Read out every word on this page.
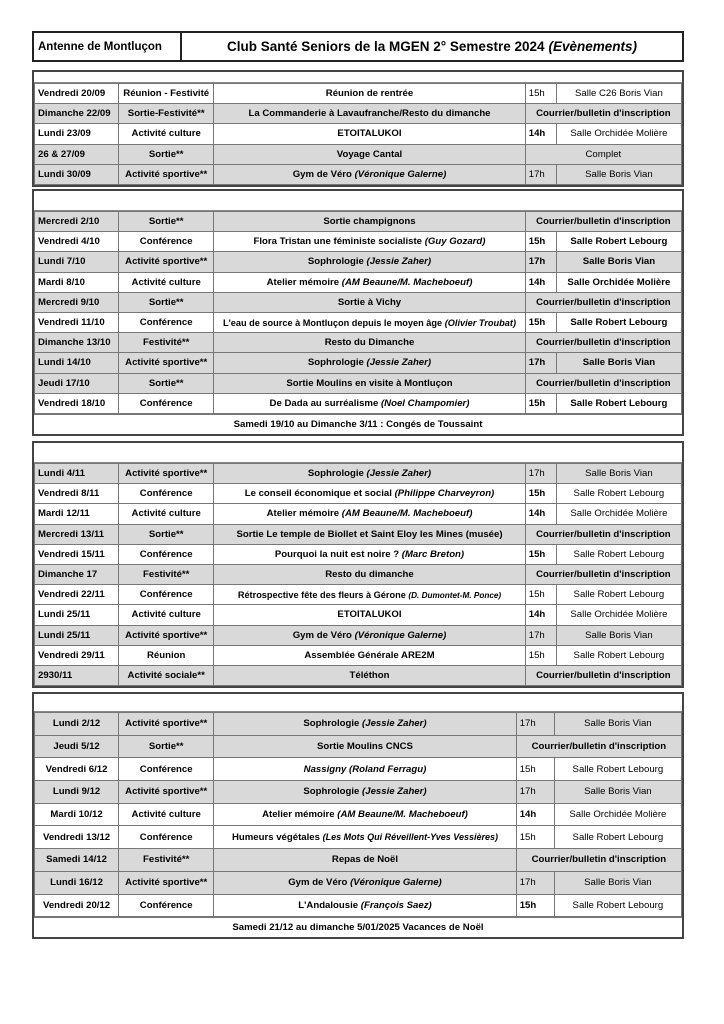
Antenne de Montluçon	Club Santé Seniors de la MGEN 2° Semestre 2024 (Evènements)
Vendredi 20/09	Réunion - Festivité	Réunion de rentrée	15h	Salle C26 Boris Vian
Dimanche 22/09	Sortie-Festivité**	La Commanderie à Lavaufranche/Resto du dimanche	Courrier/bulletin d'inscription	
Lundi 23/09	Activité culture	ETOITALUKOI	14h	Salle Orchidée Molière
26 & 27/09	Sortie**	Voyage Cantal	Complet	
Lundi 30/09	Activité sportive**	Gym de Véro (Véronique Galerne)	17h	Salle Boris Vian
Mercredi 2/10	Sortie**	Sortie champignons	Courrier/bulletin d'inscription	
Vendredi 4/10	Conférence	Flora Tristan une féministe socialiste (Guy Gozard)	15h	Salle Robert Lebourg
Lundi 7/10	Activité sportive**	Sophrologie (Jessie Zaher)	17h	Salle Boris Vian
Mardi 8/10	Activité culture	Atelier mémoire (AM Beaune/M. Macheboeuf)	14h	Salle Orchidée Molière
Mercredi 9/10	Sortie**	Sortie à Vichy	Courrier/bulletin d'inscription	
Vendredi 11/10	Conférence	L'eau de source à Montluçon depuis le moyen âge (Olivier Troubat)	15h	Salle Robert Lebourg
Dimanche 13/10	Festivité**	Resto du Dimanche	Courrier/bulletin d'inscription	
Lundi 14/10	Activité sportive**	Sophrologie (Jessie Zaher)	17h	Salle Boris Vian
Jeudi 17/10	Sortie**	Sortie Moulins en visite à Montluçon	Courrier/bulletin d'inscription	
Vendredi 18/10	Conférence	De Dada au surréalisme (Noel Champomier)	15h	Salle Robert Lebourg
Samedi 19/10 au Dimanche 3/11 : Congés de Toussaint
Lundi 4/11	Activité sportive**	Sophrologie (Jessie Zaher)	17h	Salle Boris Vian
Vendredi 8/11	Conférence	Le conseil économique et social (Philippe Charveyron)	15h	Salle Robert Lebourg
Mardi 12/11	Activité culture	Atelier mémoire (AM Beaune/M. Macheboeuf)	14h	Salle Orchidée Molière
Mercredi 13/11	Sortie**	Sortie Le temple de Biollet et Saint Eloy les Mines (musée)	Courrier/bulletin d'inscription	
Vendredi 15/11	Conférence	Pourquoi la nuit est noire ? (Marc Breton)	15h	Salle Robert Lebourg
Dimanche 17	Festivité**	Resto du dimanche	Courrier/bulletin d'inscription	
Vendredi 22/11	Conférence	Rétrospective fête des fleurs à Gérone (D. Dumontet-M. Ponce)	15h	Salle Robert Lebourg
Lundi 25/11	Activité culture	ETOITALUKOI	14h	Salle Orchidée Molière
Lundi 25/11	Activité sportive**	Gym de Véro (Véronique Galerne)	17h	Salle Boris Vian
Vendredi 29/11	Réunion	Assemblée Générale ARE2M	15h	Salle Robert Lebourg
2930/11	Activité sociale**	Téléthon	Courrier/bulletin d'inscription	
Lundi 2/12	Activité sportive**	Sophrologie (Jessie Zaher)	17h	Salle Boris Vian
Jeudi 5/12	Sortie**	Sortie Moulins CNCS	Courrier/bulletin d'inscription	
Vendredi 6/12	Conférence	Nassigny (Roland Ferragu)	15h	Salle Robert Lebourg
Lundi 9/12	Activité sportive**	Sophrologie (Jessie Zaher)	17h	Salle Boris Vian
Mardi 10/12	Activité culture	Atelier mémoire (AM Beaune/M. Macheboeuf)	14h	Salle Orchidée Molière
Vendredi 13/12	Conférence	Humeurs végétales (Les Mots Qui Réveillent-Yves Vessières)	15h	Salle Robert Lebourg
Samedi 14/12	Festivité**	Repas de Noël	Courrier/bulletin d'inscription	
Lundi 16/12	Activité sportive**	Gym de Véro (Véronique Galerne)	17h	Salle Boris Vian
Vendredi 20/12	Conférence	L'Andalousie (François Saez)	15h	Salle Robert Lebourg
Samedi 21/12 au dimanche 5/01/2025 Vacances de Noël
